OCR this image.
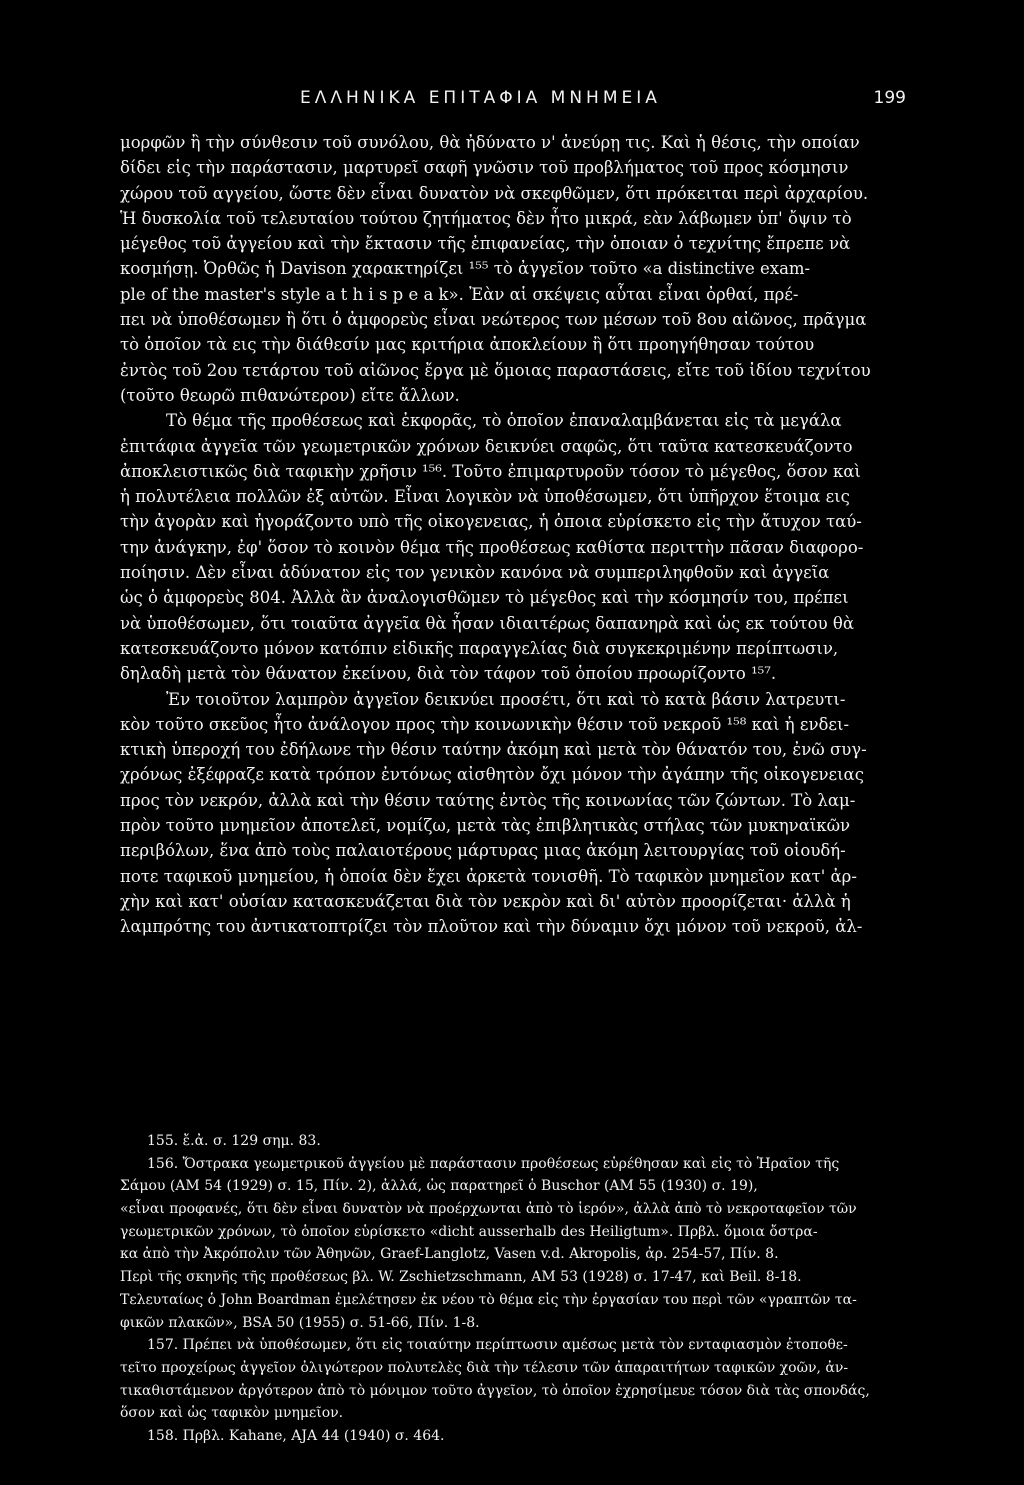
ΕΛΛΗΝΙΚΑ ΕΠΙΤΑΦΙΑ ΜΝΗΜΕΙΑ	199
μορφῶν ἢ τὴν σύνθεσιν τοῦ συνόλου, θὰ ἠδύνατο ν' ἀνεύρῃ τις. Καὶ ἡ θέσις, τὴν οποίαν
δίδει εἰς τὴν παράστασιν, μαρτυρεῖ σαφῆ γνῶσιν τοῦ προβλήματος τοῦ προς κόσμησιν
χώρου τοῦ αγγείου, ὥστε δὲν εἶναι δυνατὸν νὰ σκεφθῶμεν, ὅτι πρόκειται περὶ ἀρχαρίου.
Ἡ δυσκολία τοῦ τελευταίου τούτου ζητήματος δὲν ἦτο μικρά, εὰν λάβωμεν ὑπ' ὄψιν τὸ
μέγεθος τοῦ ἀγγείου καὶ τὴν ἔκτασιν τῆς ἐπιφανείας, τὴν ὁποιαν ὁ τεχνίτης ἔπρεπε νὰ
κοσμήσῃ. Ὀρθῶς ἡ Davison χαρακτηρίζει ¹⁵⁵ τὸ ἀγγεῖον τοῦτο «a distinctive exam-
ple of the master's style a t h i s p e a k». Ἐὰν αἱ σκέψεις αὗται εἶναι ὀρθαί, πρέ-
πει νὰ ὑποθέσωμεν ἢ ὅτι ὁ ἀμφορεὺς εἶναι νεώτερος των μέσων τοῦ 8ου αἰῶνος, πρᾶγμα
τὸ ὁποῖον τὰ εις τὴν διάθεσίν μας κριτήρια ἀποκλείουν ἢ ὅτι προηγήθησαν τούτου
ἐντὸς τοῦ 2ου τετάρτου τοῦ αἰῶνος ἔργα μὲ ὅμοιας παραστάσεις, εἴτε τοῦ ἰδίου τεχνίτου
(τοῦτο θεωρῶ πιθανώτερον) εἴτε ἄλλων.
Τὸ θέμα τῆς προθέσεως καὶ ἐκφορᾶς, τὸ ὁποῖον ἐπαναλαμβάνεται εἰς τὰ μεγάλα
ἐπιτάφια ἀγγεῖα τῶν γεωμετρικῶν χρόνων δεικνύει σαφῶς, ὅτι ταῦτα κατεσκευάζοντο
ἀποκλειστικῶς διὰ ταφικὴν χρῆσιν ¹⁵⁶. Τοῦτο ἐπιμαρτυροῦν τόσον τὸ μέγεθος, ὅσον καὶ
ἡ πολυτέλεια πολλῶν ἐξ αὐτῶν. Εἶναι λογικὸν νὰ ὑποθέσωμεν, ὅτι ὑπῆρχον ἕτοιμα εις
τὴν ἀγορὰν καὶ ἠγοράζοντο υπὸ τῆς οἰκογενειας, ἡ ὁποια εὑρίσκετο εἰς τὴν ἄτυχον ταύ-
την ἀνάγκην, ἐφ' ὅσον τὸ κοινὸν θέμα τῆς προθέσεως καθίστα περιττὴν πᾶσαν διαφορο-
ποίησιν. Δὲν εἶναι ἀδύνατον εἰς τον γενικὸν κανόνα νὰ συμπεριληφθοῦν καὶ ἀγγεῖα
ὡς ὁ ἀμφορεὺς 804. Ἀλλὰ ἂν ἀναλογισθῶμεν τὸ μέγεθος καὶ τὴν κόσμησίν του, πρέπει
νὰ ὑποθέσωμεν, ὅτι τοιαῦτα ἀγγεῖα θὰ ἦσαν ιδιαιτέρως δαπανηρὰ καὶ ὡς εκ τούτου θὰ
κατεσκευάζοντο μόνον κατόπιν εἰδικῆς παραγγελίας διὰ συγκεκριμένην περίπτωσιν,
δηλαδὴ μετὰ τὸν θάνατον ἐκείνου, διὰ τὸν τάφον τοῦ ὁποίου προωρίζοντο ¹⁵⁷.
Ἐν τοιοῦτον λαμπρὸν ἀγγεῖον δεικνύει προσέτι, ὅτι καὶ τὸ κατὰ βάσιν λατρευτι-
κὸν τοῦτο σκεῦος ἦτο ἀνάλογον προς τὴν κοινωνικὴν θέσιν τοῦ νεκροῦ ¹⁵⁸ καὶ ἡ ενδει-
κτικὴ ὑπεροχή του ἐδήλωνε τὴν θέσιν ταύτην ἀκόμη καὶ μετὰ τὸν θάνατόν του, ἐνῶ συγ-
χρόνως ἐξέφραζε κατὰ τρόπον ἐντόνως αἰσθητὸν ὄχι μόνον τὴν ἀγάπην τῆς οἰκογενειας
προς τὸν νεκρόν, ἀλλὰ καὶ τὴν θέσιν ταύτης ἐντὸς τῆς κοινωνίας τῶν ζώντων. Τὸ λαμ-
πρὸν τοῦτο μνημεῖον ἀποτελεῖ, νομίζω, μετὰ τὰς ἐπιβλητικὰς στήλας τῶν μυκηναϊκῶν
περιβόλων, ἕνα ἀπὸ τοὺς παλαιοτέρους μάρτυρας μιας ἀκόμη λειτουργίας τοῦ οἱουδή-
ποτε ταφικοῦ μνημείου, ἡ ὁποία δὲν ἔχει ἀρκετὰ τονισθῆ. Τὸ ταφικὸν μνημεῖον κατ' ἀρ-
χὴν καὶ κατ' οὐσίαν κατασκευάζεται διὰ τὸν νεκρὸν καὶ δι' αὐτὸν προορίζεται· ἀλλὰ ἡ
λαμπρότης του ἀντικατοπτρίζει τὸν πλοῦτον καὶ τὴν δύναμιν ὄχι μόνον τοῦ νεκροῦ, ἀλ-
155. ἔ.ἀ. σ. 129 σημ. 83.
156. Ὄστρακα γεωμετρικοῦ ἀγγείου μὲ παράστασιν προθέσεως εὑρέθησαν καὶ εἰς τὸ Ἡραῖον τῆς
Σάμου (AM 54 (1929) σ. 15, Πίν. 2), ἀλλά, ὡς παρατηρεῖ ὁ Buschor (AM 55 (1930) σ. 19),
«εἶναι προφανές, ὅτι δὲν εἶναι δυνατὸν νὰ προέρχωνται ἀπὸ τὸ ἱερόν», ἀλλὰ ἀπὸ τὸ νεκροταφεῖον τῶν
γεωμετρικῶν χρόνων, τὸ ὁποῖον εὑρίσκετο «dicht ausserhalb des Heiligtum». Πρβλ. ὅμοια ὄστρα-
κα ἀπὸ τὴν Ἀκρόπολιν τῶν Ἀθηνῶν, Graef-Langlotz, Vasen v.d. Akropolis, ἀρ. 254-57, Πίν. 8.
Περὶ τῆς σκηνῆς τῆς προθέσεως βλ. W. Zschietzschmann, AM 53 (1928) σ. 17-47, καὶ Beil. 8-18.
Τελευταίως ὁ John Boardman ἐμελέτησεν ἐκ νέου τὸ θέμα εἰς τὴν ἐργασίαν του περὶ τῶν «γραπτῶν τα-
φικῶν πλακῶν», BSA 50 (1955) σ. 51-66, Πίν. 1-8.
157. Πρέπει νὰ ὑποθέσωμεν, ὅτι εἰς τοιαύτην περίπτωσιν αμέσως μετὰ τὸν ενταφιασμὸν ἐτοποθε-
τεῖτο προχείρως ἀγγεῖον ὀλιγώτερον πολυτελὲς διὰ τὴν τέλεσιν τῶν ἀπαραιτήτων ταφικῶν χοῶν, ἀν-
τικαθιστάμενον ἀργότερον ἀπὸ τὸ μόνιμον τοῦτο ἀγγεῖον, τὸ ὁποῖον ἐχρησίμευε τόσον διὰ τὰς σπονδάς,
ὅσον καὶ ὡς ταφικὸν μνημεῖον.
158. Πρβλ. Kahane, AJA 44 (1940) σ. 464.
